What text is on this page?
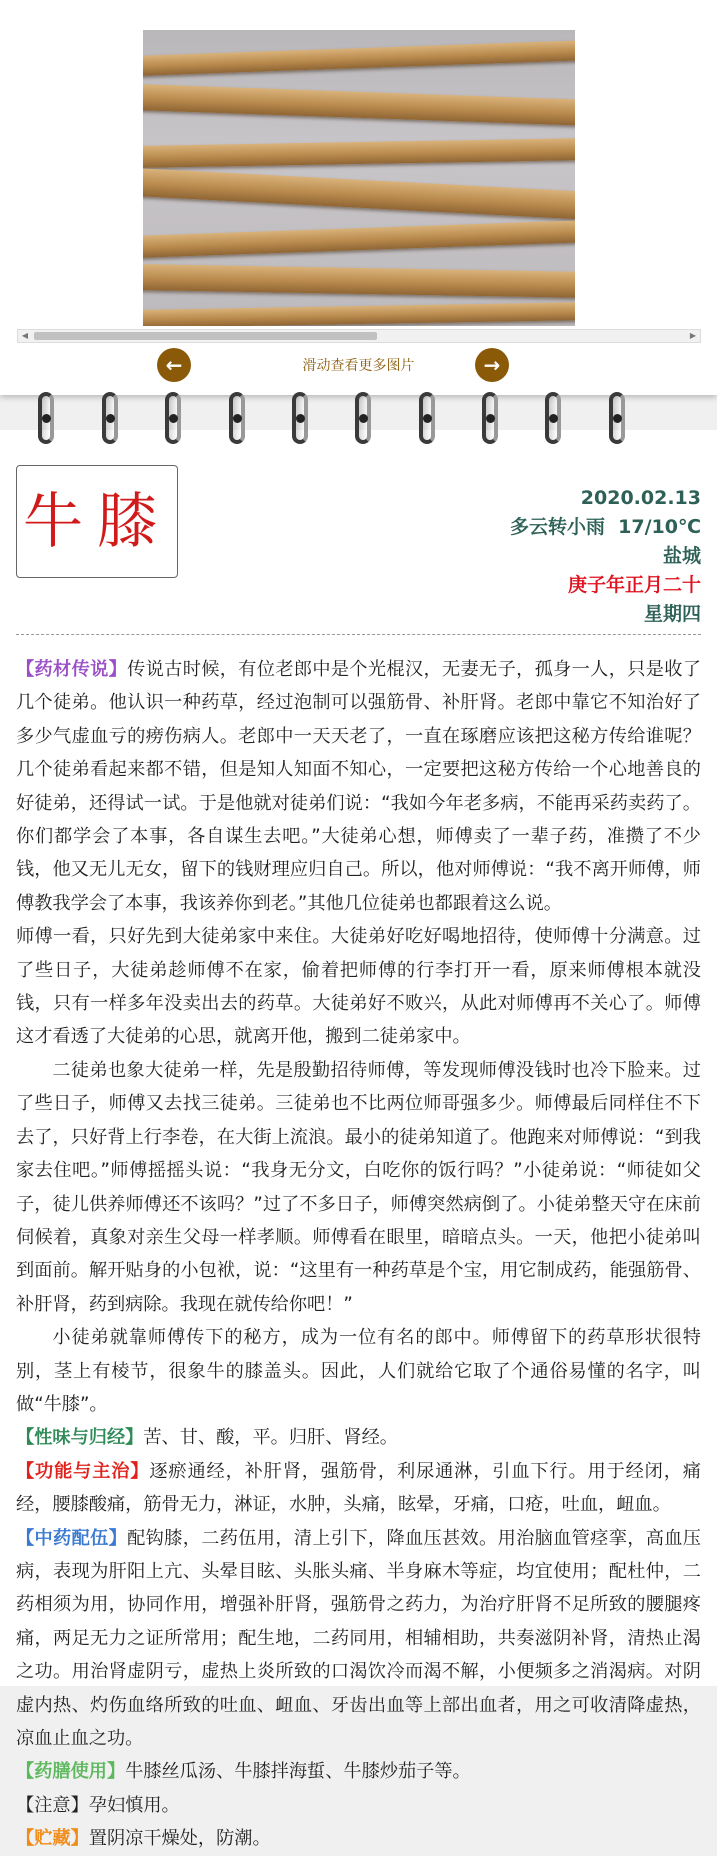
◀	▶
←	滑动查看更多图片	→
牛膝	2020.02.13
多云转小雨  17/10℃
盐城
庚子年正月二十
星期四

【药材传说】传说古时候，有位老郎中是个光棍汉，无妻无子，孤身一人，只是收了几个徒弟。他认识一种药草，经过泡制可以强筋骨、补肝肾。老郎中靠它不知治好了多少气虚血亏的痨伤病人。老郎中一天天老了，一直在琢磨应该把这秘方传给谁呢？几个徒弟看起来都不错，但是知人知面不知心，一定要把这秘方传给一个心地善良的好徒弟，还得试一试。于是他就对徒弟们说：“我如今年老多病，不能再采药卖药了。你们都学会了本事，各自谋生去吧。”大徒弟心想，师傅卖了一辈子药，准攒了不少钱，他又无儿无女，留下的钱财理应归自己。所以，他对师傅说：“我不离开师傅，师傅教我学会了本事，我该养你到老。”其他几位徒弟也都跟着这么说。

师傅一看，只好先到大徒弟家中来住。大徒弟好吃好喝地招待，使师傅十分满意。过了些日子，大徒弟趁师傅不在家，偷着把师傅的行李打开一看，原来师傅根本就没钱，只有一样多年没卖出去的药草。大徒弟好不败兴，从此对师傅再不关心了。师傅这才看透了大徒弟的心思，就离开他，搬到二徒弟家中。

二徒弟也象大徒弟一样，先是殷勤招待师傅，等发现师傅没钱时也冷下脸来。过了些日子，师傅又去找三徒弟。三徒弟也不比两位师哥强多少。师傅最后同样住不下去了，只好背上行李卷，在大街上流浪。最小的徒弟知道了。他跑来对师傅说：“到我家去住吧。”师傅摇摇头说：“我身无分文，白吃你的饭行吗？”小徒弟说：“师徒如父子，徒儿供养师傅还不该吗？”过了不多日子，师傅突然病倒了。小徒弟整天守在床前伺候着，真象对亲生父母一样孝顺。师傅看在眼里，暗暗点头。一天，他把小徒弟叫到面前。解开贴身的小包袱，说：“这里有一种药草是个宝，用它制成药，能强筋骨、补肝肾，药到病除。我现在就传给你吧！”

小徒弟就靠师傅传下的秘方，成为一位有名的郎中。师傅留下的药草形状很特别，茎上有棱节，很象牛的膝盖头。因此，人们就给它取了个通俗易懂的名字，叫做“牛膝”。

【性味与归经】苦、甘、酸，平。归肝、肾经。

【功能与主治】逐瘀通经，补肝肾，强筋骨，利尿通淋，引血下行。用于经闭，痛经，腰膝酸痛，筋骨无力，淋证，水肿，头痛，眩晕，牙痛，口疮，吐血，衄血。

【中药配伍】配钩膝，二药伍用，清上引下，降血压甚效。用治脑血管痉挛，高血压病，表现为肝阳上亢、头晕目眩、头胀头痛、半身麻木等症，均宜使用；配杜仲，二药相须为用，协同作用，增强补肝肾，强筋骨之药力，为治疗肝肾不足所致的腰腿疼痛，两足无力之证所常用；配生地，二药同用，相辅相助，共奏滋阴补肾，清热止渴之功。用治肾虚阴亏，虚热上炎所致的口渴饮冷而渴不解，小便频多之消渴病。对阴虚内热、灼伤血络所致的吐血、衄血、牙齿出血等上部出血者，用之可收清降虚热，凉血止血之功。

【药膳使用】牛膝丝瓜汤、牛膝拌海蜇、牛膝炒茄子等。

【注意】孕妇慎用。

【贮藏】置阴凉干燥处，防潮。
